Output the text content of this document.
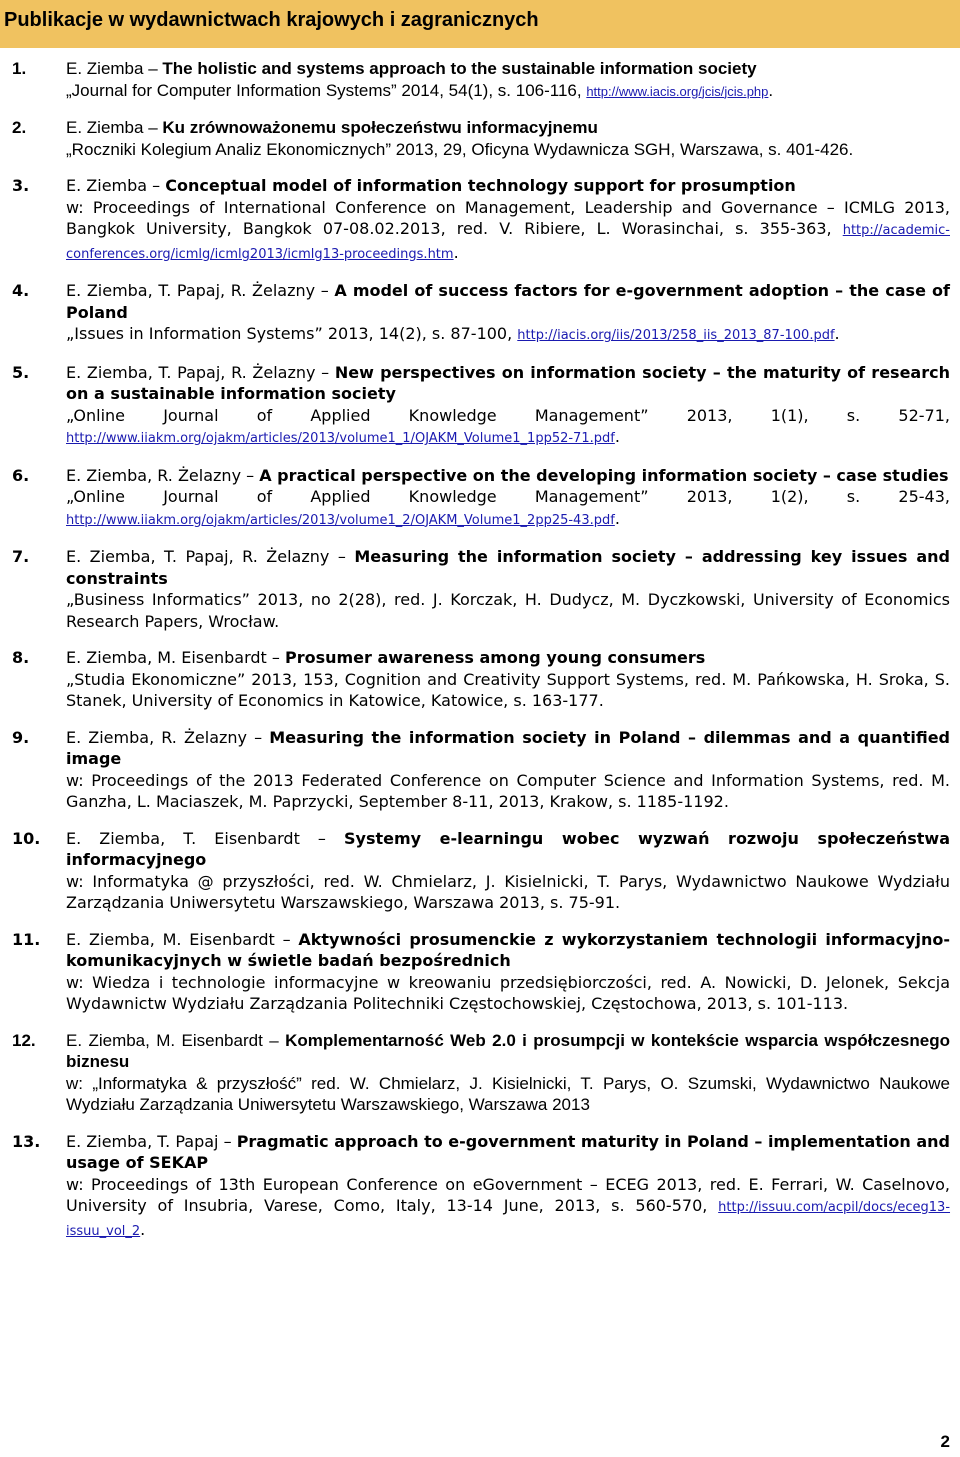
Publikacje w wydawnictwach krajowych i zagranicznych
1. E. Ziemba – The holistic and systems approach to the sustainable information society
„Journal for Computer Information Systems” 2014, 54(1), s. 106-116, http://www.iacis.org/jcis/jcis.php.
2. E. Ziemba – Ku zrównoważonemu społeczeństwu informacyjnemu
„Roczniki Kolegium Analiz Ekonomicznych” 2013, 29, Oficyna Wydawnicza SGH, Warszawa, s. 401-426.
3. E. Ziemba – Conceptual model of information technology support for prosumption
w: Proceedings of International Conference on Management, Leadership and Governance – ICMLG 2013, Bangkok University, Bangkok 07-08.02.2013, red. V. Ribiere, L. Worasinchai, s. 355-363, http://academic-conferences.org/icmlg/icmlg2013/icmlg13-proceedings.htm.
4. E. Ziemba, T. Papaj, R. Żelazny – A model of success factors for e-government adoption – the case of Poland
„Issues in Information Systems” 2013, 14(2), s. 87-100, http://iacis.org/iis/2013/258_iis_2013_87-100.pdf.
5. E. Ziemba, T. Papaj, R. Żelazny – New perspectives on information society – the maturity of research on a sustainable information society
„Online Journal of Applied Knowledge Management” 2013, 1(1), s. 52-71, http://www.iiakm.org/ojakm/articles/2013/volume1_1/OJAKM_Volume1_1pp52-71.pdf.
6. E. Ziemba, R. Żelazny – A practical perspective on the developing information society – case studies
„Online Journal of Applied Knowledge Management” 2013, 1(2), s. 25-43, http://www.iiakm.org/ojakm/articles/2013/volume1_2/OJAKM_Volume1_2pp25-43.pdf.
7. E. Ziemba, T. Papaj, R. Żelazny – Measuring the information society – addressing key issues and constraints
„Business Informatics” 2013, no 2(28), red. J. Korczak, H. Dudycz, M. Dyczkowski, University of Economics Research Papers, Wrocław.
8. E. Ziemba, M. Eisenbardt – Prosumer awareness among young consumers
„Studia Ekonomiczne” 2013, 153, Cognition and Creativity Support Systems, red. M. Pańkowska, H. Sroka, S. Stanek, University of Economics in Katowice, Katowice, s. 163-177.
9. E. Ziemba, R. Żelazny – Measuring the information society in Poland – dilemmas and a quantified image
w: Proceedings of the 2013 Federated Conference on Computer Science and Information Systems, red. M. Ganzha, L. Maciaszek, M. Paprzycki, September 8-11, 2013, Krakow, s. 1185-1192.
10. E. Ziemba, T. Eisenbardt – Systemy e-learningu wobec wyzwań rozwoju społeczeństwa informacyjnego
w: Informatyka @ przyszłości, red. W. Chmielarz, J. Kisielnicki, T. Parys, Wydawnictwo Naukowe Wydziału Zarządzania Uniwersytetu Warszawskiego, Warszawa 2013, s. 75-91.
11. E. Ziemba, M. Eisenbardt – Aktywności prosumenckie z wykorzystaniem technologii informacyjno-komunikacyjnych w świetle badań bezpośrednich
w: Wiedza i technologie informacyjne w kreowaniu przedsiębiorczości, red. A. Nowicki, D. Jelonek, Sekcja Wydawnictw Wydziału Zarządzania Politechniki Częstochowskiej, Częstochowa, 2013, s. 101-113.
12. E. Ziemba, M. Eisenbardt – Komplementarność Web 2.0 i prosumpcji w kontekście wsparcia współczesnego biznesu
w: „Informatyka & przyszłość” red. W. Chmielarz, J. Kisielnicki, T. Parys, O. Szumski, Wydawnictwo Naukowe Wydziału Zarządzania Uniwersytetu Warszawskiego, Warszawa 2013
13. E. Ziemba, T. Papaj – Pragmatic approach to e-government maturity in Poland – implementation and usage of SEKAP
w: Proceedings of 13th European Conference on eGovernment – ECEG 2013, red. E. Ferrari, W. Caselnovo, University of Insubria, Varese, Como, Italy, 13-14 June, 2013, s. 560-570, http://issuu.com/acpil/docs/eceg13-issuu_vol_2.
2
